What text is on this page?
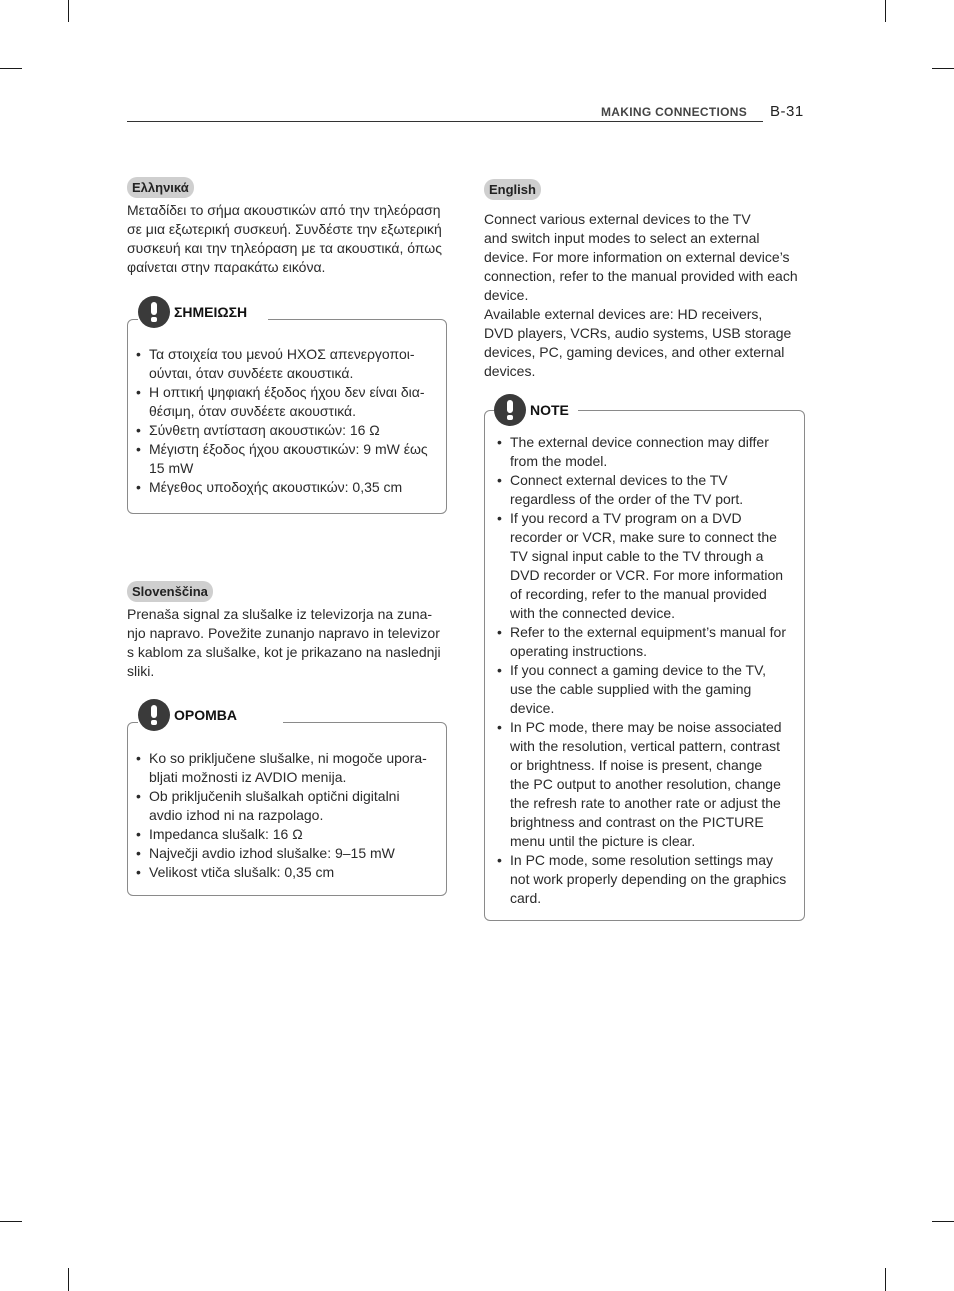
MAKING CONNECTIONS B-31
Ελληνικά

Μεταδίδει το σήμα ακουστικών από την τηλεόραση

σε μια εξωτερική συσκευή. Συνδέστε την εξωτερική

συσκευή και την τηλεόραση με τα ακουστικά, όπως

φαίνεται στην παρακάτω εικόνα.

ΣΗΜΕΙΩΣΗ
• Τα στοιχεία του μενού ΗΧΟΣ απενεργοποι-
ούνται, όταν συνδέετε ακουστικά.
• Η οπτική ψηφιακή έξοδος ήχου δεν είναι δια-
θέσιμη, όταν συνδέετε ακουστικά.
• Σύνθετη αντίσταση ακουστικών: 16 Ω
• Μέγιστη έξοδος ήχου ακουστικών: 9 mW έως
15 mW
• Μέγεθος υποδοχής ακουστικών: 0,35 cm
Slovenščina

Prenaša signal za slušalke iz televizorja na zuna-

njo napravo. Povežite zunanjo napravo in televizor

s kablom za slušalke, kot je prikazano na naslednji

sliki.

OPOMBA
• Ko so priključene slušalke, ni mogoče upora-
bljati možnosti iz AVDIO menija.
• Ob priključenih slušalkah optični digitalni
avdio izhod ni na razpolago.
• Impedanca slušalk: 16 Ω
• Največji avdio izhod slušalke: 9–15 mW
• Velikost vtiča slušalk: 0,35 cm
English

Connect various external devices to the TV

and switch input modes to select an external

device. For more information on external device’s

connection, refer to the manual provided with each

device.

Available external devices are: HD receivers,

DVD players, VCRs, audio systems, USB storage

devices, PC, gaming devices, and other external

devices.

NOTE
• The external device connection may differ
from the model.
• Connect external devices to the TV
regardless of the order of the TV port.
• If you record a TV program on a DVD
recorder or VCR, make sure to connect the
TV signal input cable to the TV through a
DVD recorder or VCR. For more information
of recording, refer to the manual provided
with the connected device.
• Refer to the external equipment’s manual for
operating instructions.
• If you connect a gaming device to the TV,
use the cable supplied with the gaming
device.
• In PC mode, there may be noise associated
with the resolution, vertical pattern, contrast
or brightness. If noise is present, change
the PC output to another resolution, change
the refresh rate to another rate or adjust the
brightness and contrast on the PICTURE
menu until the picture is clear.
• In PC mode, some resolution settings may
not work properly depending on the graphics
card.
